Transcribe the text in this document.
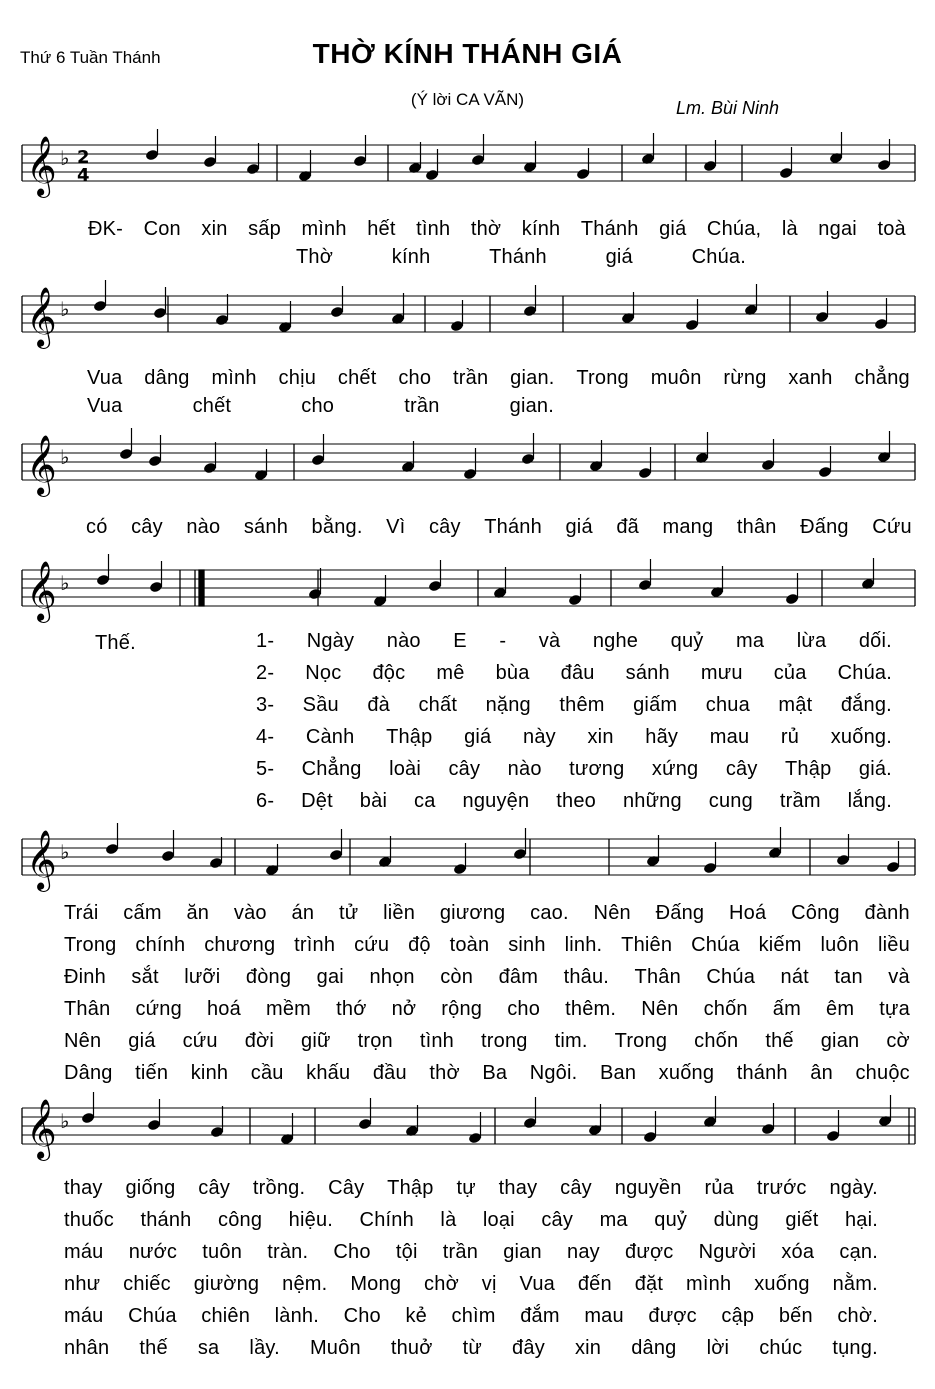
Thứ 6 Tuần Thánh	THỜ KÍNH THÁNH GIÁ
(Ý lời CA VÃN)	Lm. Bùi Ninh
𝄞 ♭
𝄞 ♭
𝄞 ♭
𝄞 ♭
𝄞 ♭
𝄞 ♭
2
4
ĐK- Con xin sấp mình hết tình thờ kính Thánh giá Chúa, là ngai toà
Thờ	kính	Thánh	giá	Chúa.
Vua dâng mình chịu chết cho trần gian. Trong muôn rừng xanh chẳng
Vua	chết	cho	trần	gian.
có cây nào sánh bằng. Vì cây Thánh giá đã mang thân Đấng Cứu
Thế.	1- Ngày nào E - và nghe quỷ ma lừa dối.
2- Nọc độc mê bùa đâu sánh mưu của Chúa.
3- Sầu đà chất nặng thêm giấm chua mật đắng.
4- Cành Thập giá này xin hãy mau rủ xuống.
5- Chẳng loài cây nào tương xứng cây Thập giá.
6- Dệt bài ca nguyện theo những cung trầm lắng.
Trái cấm ăn vào án tử liền giương cao. Nên Đấng Hoá Công đành
Trong chính chương trình cứu độ toàn sinh linh. Thiên Chúa kiếm luôn liều
Đinh sắt lưỡi đòng gai nhọn còn đâm thâu. Thân Chúa nát tan và
Thân cứng hoá mềm thớ nở rộng cho thêm. Nên chốn ấm êm tựa
Nên giá cứu đời giữ trọn tình trong tim. Trong chốn thế gian cờ
Dâng tiến kinh cầu khấu đầu thờ Ba Ngôi. Ban xuống thánh ân chuộc
thay giống cây trồng. Cây Thập tự thay cây nguyền rủa trước ngày.
thuốc thánh công hiệu. Chính là loại cây ma quỷ dùng giết hại.
máu nước tuôn tràn. Cho tội trần gian nay được Người xóa cạn.
như chiếc giường nệm. Mong chờ vị Vua đến đặt mình xuống nằm.
máu Chúa chiên lành. Cho kẻ chìm đắm mau được cập bến chờ.
nhân thế sa lầy. Muôn thuở từ đây xin dâng lời chúc tụng.
